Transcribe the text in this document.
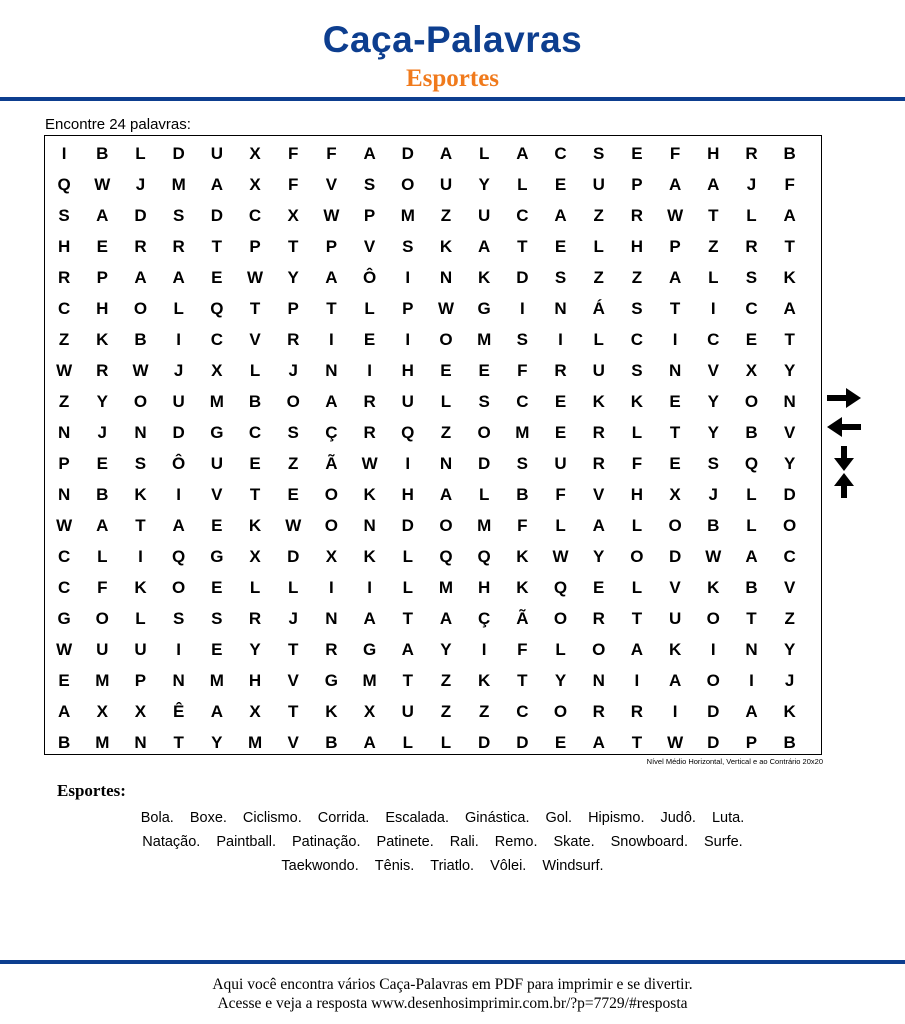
Caça-Palavras
Esportes
Encontre 24 palavras:
I	B	L	D	U	X	F	F	A	D	A	L	A	C	S	E	F	H	R	B
Q	W	J	M	A	X	F	V	S	O	U	Y	L	E	U	P	A	A	J	F
S	A	D	S	D	C	X	W	P	M	Z	U	C	A	Z	R	W	T	L	A
H	E	R	R	T	P	T	P	V	S	K	A	T	E	L	H	P	Z	R	T
R	P	A	A	E	W	Y	A	Ô	I	N	K	D	S	Z	Z	A	L	S	K
C	H	O	L	Q	T	P	T	L	P	W	G	I	N	Á	S	T	I	C	A
Z	K	B	I	C	V	R	I	E	I	O	M	S	I	L	C	I	C	E	T
W	R	W	J	X	L	J	N	I	H	E	E	F	R	U	S	N	V	X	Y
Z	Y	O	U	M	B	O	A	R	U	L	S	C	E	K	K	E	Y	O	N
N	J	N	D	G	C	S	Ç	R	Q	Z	O	M	E	R	L	T	Y	B	V
P	E	S	Ô	U	E	Z	Ã	W	I	N	D	S	U	R	F	E	S	Q	Y
N	B	K	I	V	T	E	O	K	H	A	L	B	F	V	H	X	J	L	D
W	A	T	A	E	K	W	O	N	D	O	M	F	L	A	L	O	B	L	O
C	L	I	Q	G	X	D	X	K	L	Q	Q	K	W	Y	O	D	W	A	C
C	F	K	O	E	L	L	I	I	L	M	H	K	Q	E	L	V	K	B	V
G	O	L	S	S	R	J	N	A	T	A	Ç	Ã	O	R	T	U	O	T	Z
W	U	U	I	E	Y	T	R	G	A	Y	I	F	L	O	A	K	I	N	Y
E	M	P	N	M	H	V	G	M	T	Z	K	T	Y	N	I	A	O	I	J
A	X	X	Ê	A	X	T	K	X	U	Z	Z	C	O	R	R	I	D	A	K
B	M	N	T	Y	M	V	B	A	L	L	D	D	E	A	T	W	D	P	B
Nível Médio Horizontal, Vertical e ao Contrário 20x20
Esportes:
Bola. Boxe. Ciclismo. Corrida. Escalada. Ginástica. Gol. Hipismo. Judô. Luta.
Natação. Paintball. Patinação. Patinete. Rali. Remo. Skate. Snowboard. Surfe.
Taekwondo. Tênis. Triatlo. Vôlei. Windsurf.
Aqui você encontra vários Caça-Palavras em PDF para imprimir e se divertir.
Acesse e veja a resposta www.desenhosimprimir.com.br/?p=7729/#resposta
